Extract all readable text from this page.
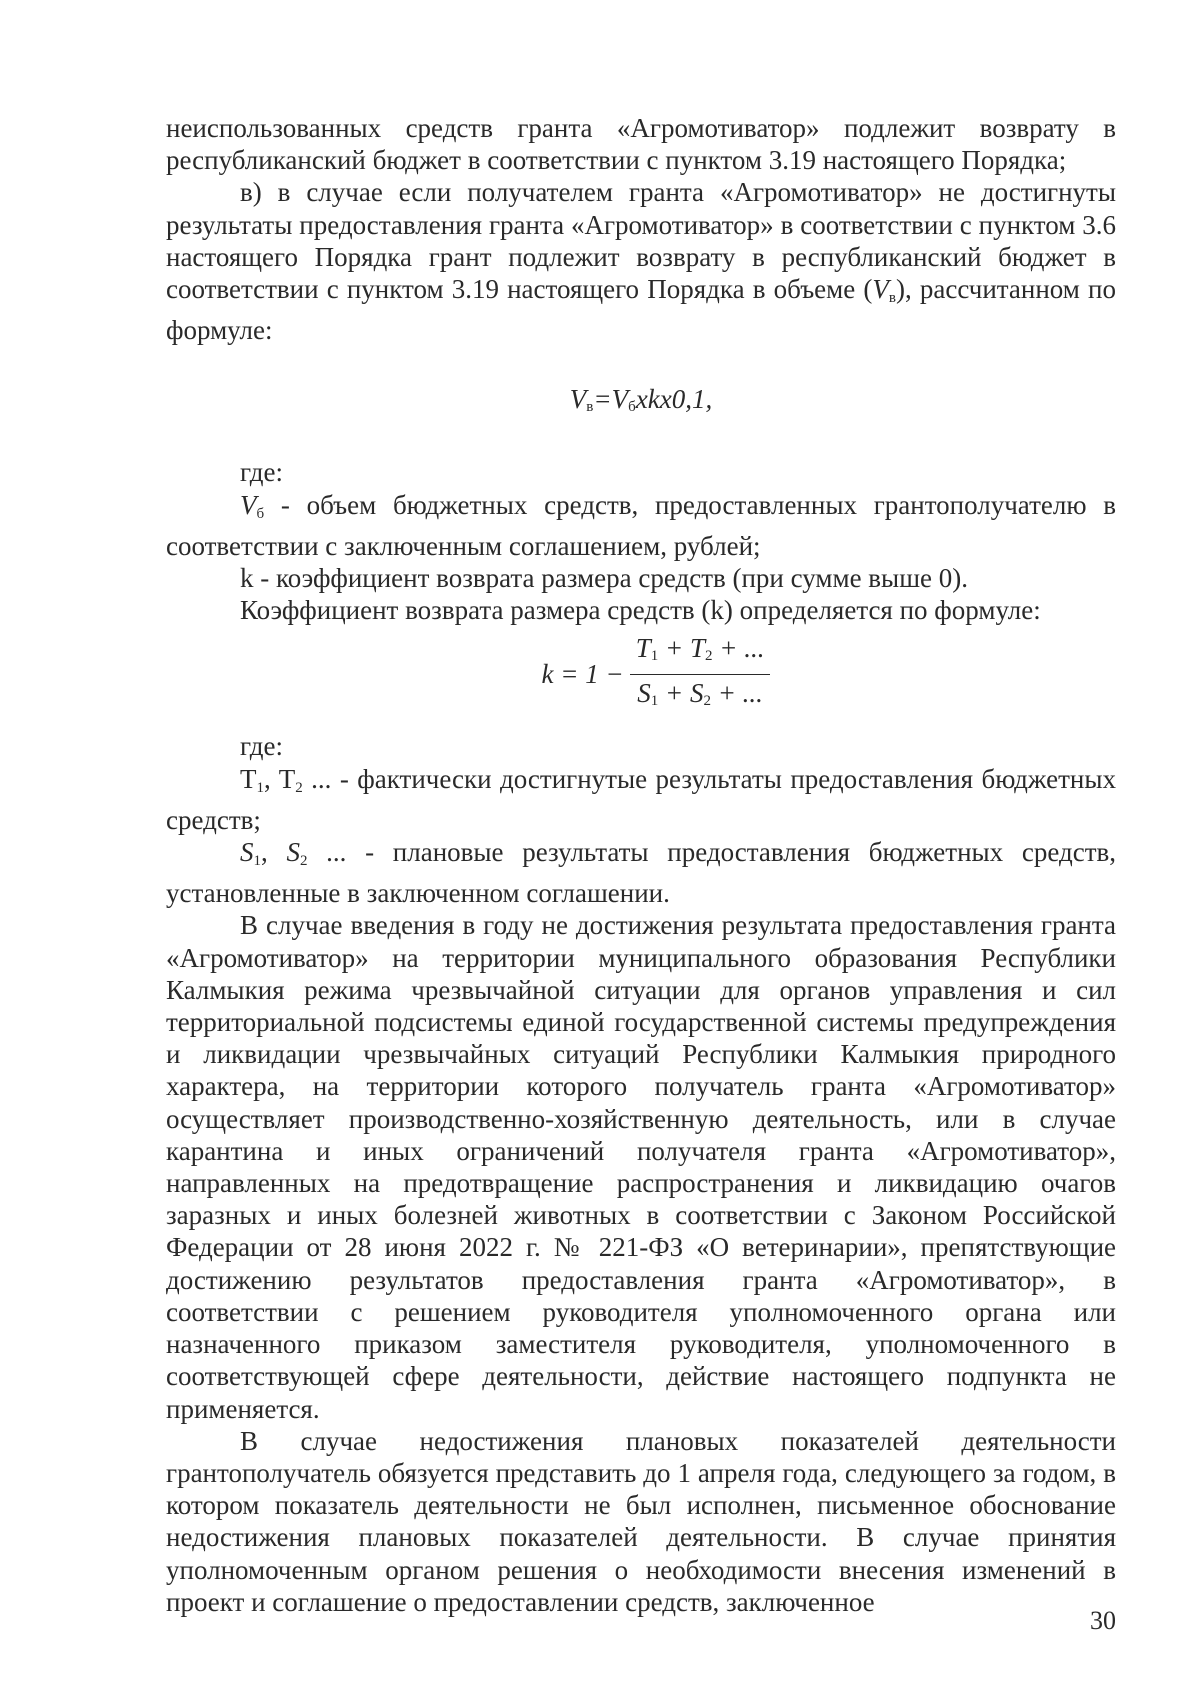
неиспользованных средств гранта «Агромотиватор» подлежит возврату в республиканский бюджет в соответствии с пунктом 3.19 настоящего Порядка;

в) в случае если получателем гранта «Агромотиватор» не достигнуты результаты предоставления гранта «Агромотиватор» в соответствии с пунктом 3.6 настоящего Порядка грант подлежит возврату в республиканский бюджет в соответствии с пунктом 3.19 настоящего Порядка в объеме $(V_в)$, рассчитанном по формуле:

$V_в=V_бxkx0,1$,

где:

$V_б$ - объем бюджетных средств, предоставленных грантополучателю в соответствии с заключенным соглашением, рублей;

k - коэффициент возврата размера средств (при сумме выше 0).

Коэффициент возврата размера средств (k) определяется по формуле:

$k = 1 - \frac{T_1 + T_2 + ...}{S_1 + S_2 + ...}$

где:

$T_1$, $T_2$ ... - фактически достигнутые результаты предоставления бюджетных средств;

$S_1$, $S_2$ ... - плановые результаты предоставления бюджетных средств, установленные в заключенном соглашении.

В случае введения в году не достижения результата предоставления гранта «Агромотиватор» на территории муниципального образования Республики Калмыкия режима чрезвычайной ситуации для органов управления и сил территориальной подсистемы единой государственной системы предупреждения и ликвидации чрезвычайных ситуаций Республики Калмыкия природного характера, на территории которого получатель гранта «Агромотиватор» осуществляет производственно-хозяйственную деятельность, или в случае карантина и иных ограничений получателя гранта «Агромотиватор», направленных на предотвращение распространения и ликвидацию очагов заразных и иных болезней животных в соответствии с Законом Российской Федерации от 28 июня 2022 г. № 221-ФЗ «О ветеринарии», препятствующие достижению результатов предоставления гранта «Агромотиватор», в соответствии с решением руководителя уполномоченного органа или назначенного приказом заместителя руководителя, уполномоченного в соответствующей сфере деятельности, действие настоящего подпункта не применяется.

В случае недостижения плановых показателей деятельности грантополучатель обязуется представить до 1 апреля года, следующего за годом, в котором показатель деятельности не был исполнен, письменное обоснование недостижения плановых показателей деятельности. В случае принятия уполномоченным органом решения о необходимости внесения изменений в проект и соглашение о предоставлении средств, заключенное

30
